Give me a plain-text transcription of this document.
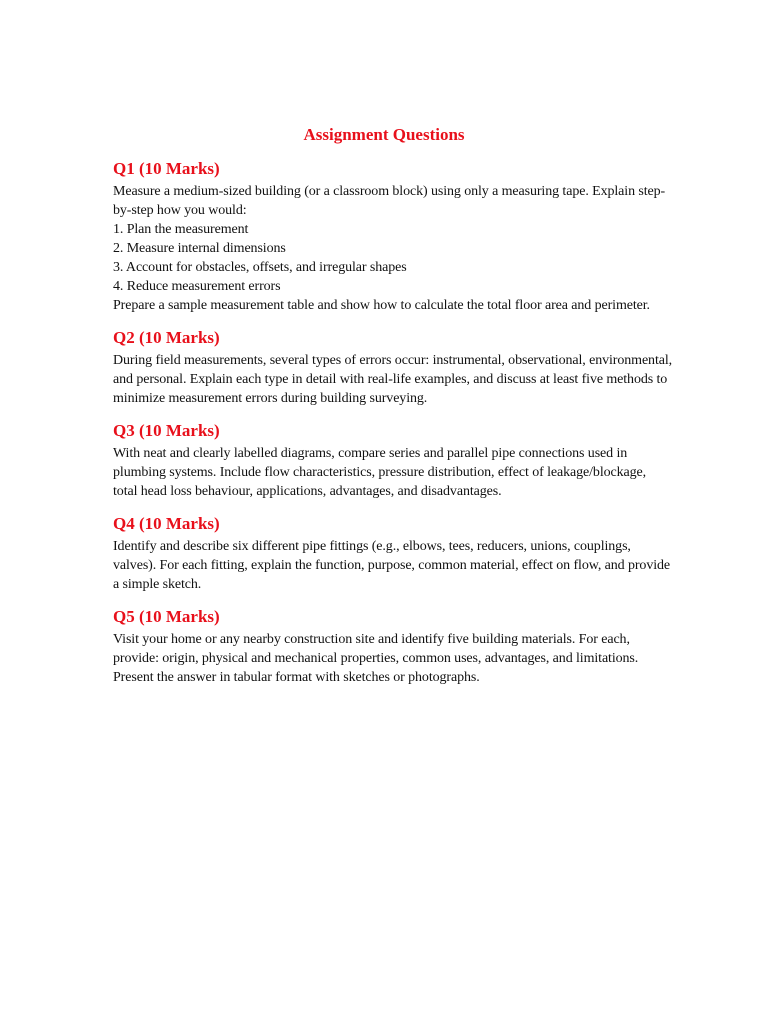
Assignment Questions
Q1 (10 Marks)
Measure a medium-sized building (or a classroom block) using only a measuring tape. Explain step-by-step how you would:
1. Plan the measurement
2. Measure internal dimensions
3. Account for obstacles, offsets, and irregular shapes
4. Reduce measurement errors
Prepare a sample measurement table and show how to calculate the total floor area and perimeter.
Q2 (10 Marks)
During field measurements, several types of errors occur: instrumental, observational, environmental, and personal. Explain each type in detail with real-life examples, and discuss at least five methods to minimize measurement errors during building surveying.
Q3 (10 Marks)
With neat and clearly labelled diagrams, compare series and parallel pipe connections used in plumbing systems. Include flow characteristics, pressure distribution, effect of leakage/blockage, total head loss behaviour, applications, advantages, and disadvantages.
Q4 (10 Marks)
Identify and describe six different pipe fittings (e.g., elbows, tees, reducers, unions, couplings, valves). For each fitting, explain the function, purpose, common material, effect on flow, and provide a simple sketch.
Q5 (10 Marks)
Visit your home or any nearby construction site and identify five building materials. For each, provide: origin, physical and mechanical properties, common uses, advantages, and limitations. Present the answer in tabular format with sketches or photographs.
